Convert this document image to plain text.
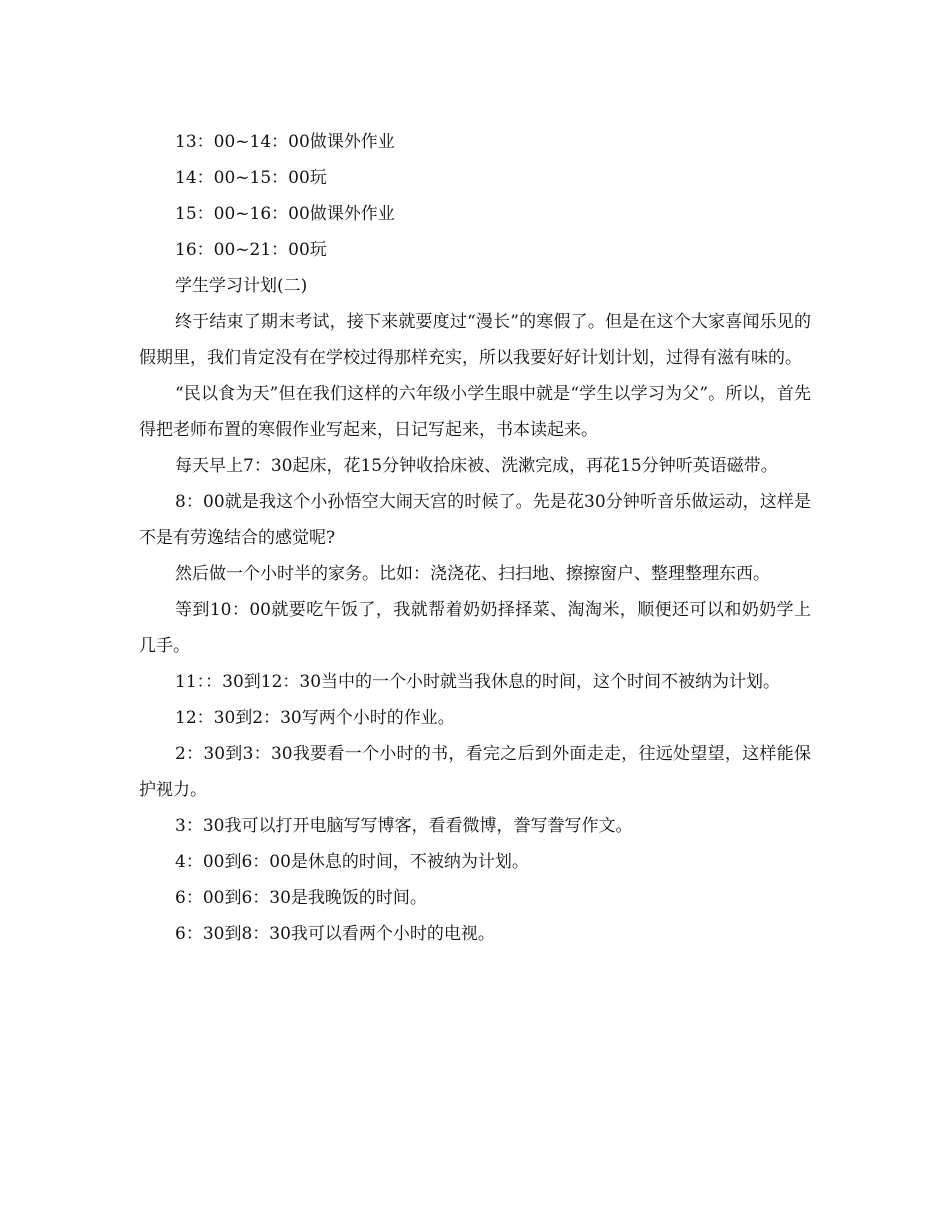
13：00~14：00做课外作业

14：00~15：00玩

15：00~16：00做课外作业

16：00~21：00玩

学生学习计划(二)

终于结束了期末考试，接下来就要度过“漫长”的寒假了。但是在这个大家喜闻乐见的假期里，我们肯定没有在学校过得那样充实，所以我要好好计划计划，过得有滋有味的。

“民以食为天”但在我们这样的六年级小学生眼中就是“学生以学习为父”。所以，首先得把老师布置的寒假作业写起来，日记写起来，书本读起来。

每天早上7：30起床，花15分钟收拾床被、洗漱完成，再花15分钟听英语磁带。

8：00就是我这个小孙悟空大闹天宫的时候了。先是花30分钟听音乐做运动，这样是不是有劳逸结合的感觉呢?

然后做一个小时半的家务。比如：浇浇花、扫扫地、擦擦窗户、整理整理东西。

等到10：00就要吃午饭了，我就帮着奶奶择择菜、淘淘米，顺便还可以和奶奶学上几手。

11：：30到12：30当中的一个小时就当我休息的时间，这个时间不被纳为计划。

12：30到2：30写两个小时的作业。

2：30到3：30我要看一个小时的书，看完之后到外面走走，往远处望望，这样能保护视力。

3：30我可以打开电脑写写博客，看看微博，誊写誊写作文。

4：00到6：00是休息的时间，不被纳为计划。

6：00到6：30是我晚饭的时间。

6：30到8：30我可以看两个小时的电视。
